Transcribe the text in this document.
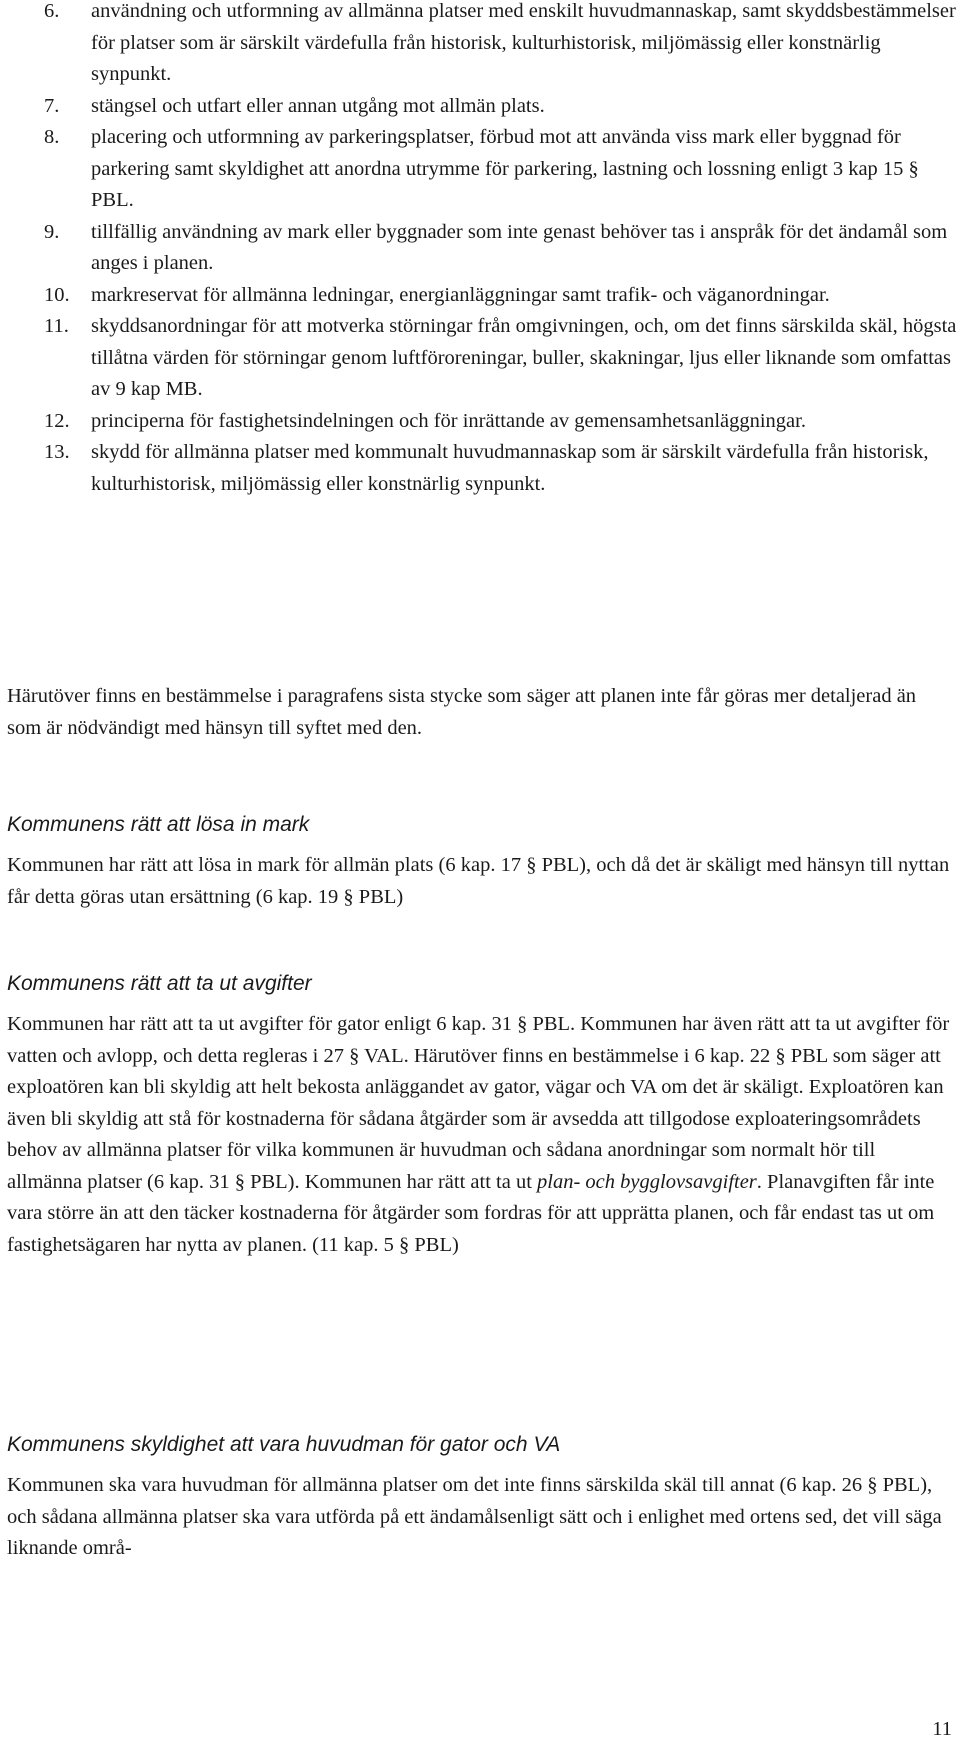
6. användning och utformning av allmänna platser med enskilt huvudmannaskap, samt skyddsbestämmelser för platser som är särskilt värdefulla från historisk, kulturhistorisk, miljömässig eller konstnärlig synpunkt.
7. stängsel och utfart eller annan utgång mot allmän plats.
8. placering och utformning av parkeringsplatser, förbud mot att använda viss mark eller byggnad för parkering samt skyldighet att anordna utrymme för parkering, lastning och lossning enligt 3 kap 15 § PBL.
9. tillfällig användning av mark eller byggnader som inte genast behöver tas i anspråk för det ändamål som anges i planen.
10. markreservat för allmänna ledningar, energianläggningar samt trafik- och väganordningar.
11. skyddsanordningar för att motverka störningar från omgivningen, och, om det finns särskilda skäl, högsta tillåtna värden för störningar genom luftföroreningar, buller, skakningar, ljus eller liknande som omfattas av 9 kap MB.
12. principerna för fastighetsindelningen och för inrättande av gemensamhetsanläggningar.
13. skydd för allmänna platser med kommunalt huvudmannaskap som är särskilt värdefulla från historisk, kulturhistorisk, miljömässig eller konstnärlig synpunkt.

Härutöver finns en bestämmelse i paragrafens sista stycke som säger att planen inte får göras mer detaljerad än som är nödvändigt med hänsyn till syftet med den.

Kommunens rätt att lösa in mark

Kommunen har rätt att lösa in mark för allmän plats (6 kap. 17 § PBL), och då det är skäligt med hänsyn till nyttan får detta göras utan ersättning (6 kap. 19 § PBL)

Kommunens rätt att ta ut avgifter

Kommunen har rätt att ta ut avgifter för gator enligt 6 kap. 31 § PBL. Kommunen har även rätt att ta ut avgifter för vatten och avlopp, och detta regleras i 27 § VAL. Härutöver finns en bestämmelse i 6 kap. 22 § PBL som säger att exploatören kan bli skyldig att helt bekosta anläggandet av gator, vägar och VA om det är skäligt. Exploatören kan även bli skyldig att stå för kostnaderna för sådana åtgärder som är avsedda att tillgodose exploateringsområdets behov av allmänna platser för vilka kommunen är huvudman och sådana anordningar som normalt hör till allmänna platser (6 kap. 31 § PBL). Kommunen har rätt att ta ut plan- och bygglovsavgifter. Planavgiften får inte vara större än att den täcker kostnaderna för åtgärder som fordras för att upprätta planen, och får endast tas ut om fastighetsägaren har nytta av planen. (11 kap. 5 § PBL)

Kommunens skyldighet att vara huvudman för gator och VA

Kommunen ska vara huvudman för allmänna platser om det inte finns särskilda skäl till annat (6 kap. 26 § PBL), och sådana allmänna platser ska vara utförda på ett ändamålsenligt sätt och i enlighet med ortens sed, det vill säga liknande områ-

11
